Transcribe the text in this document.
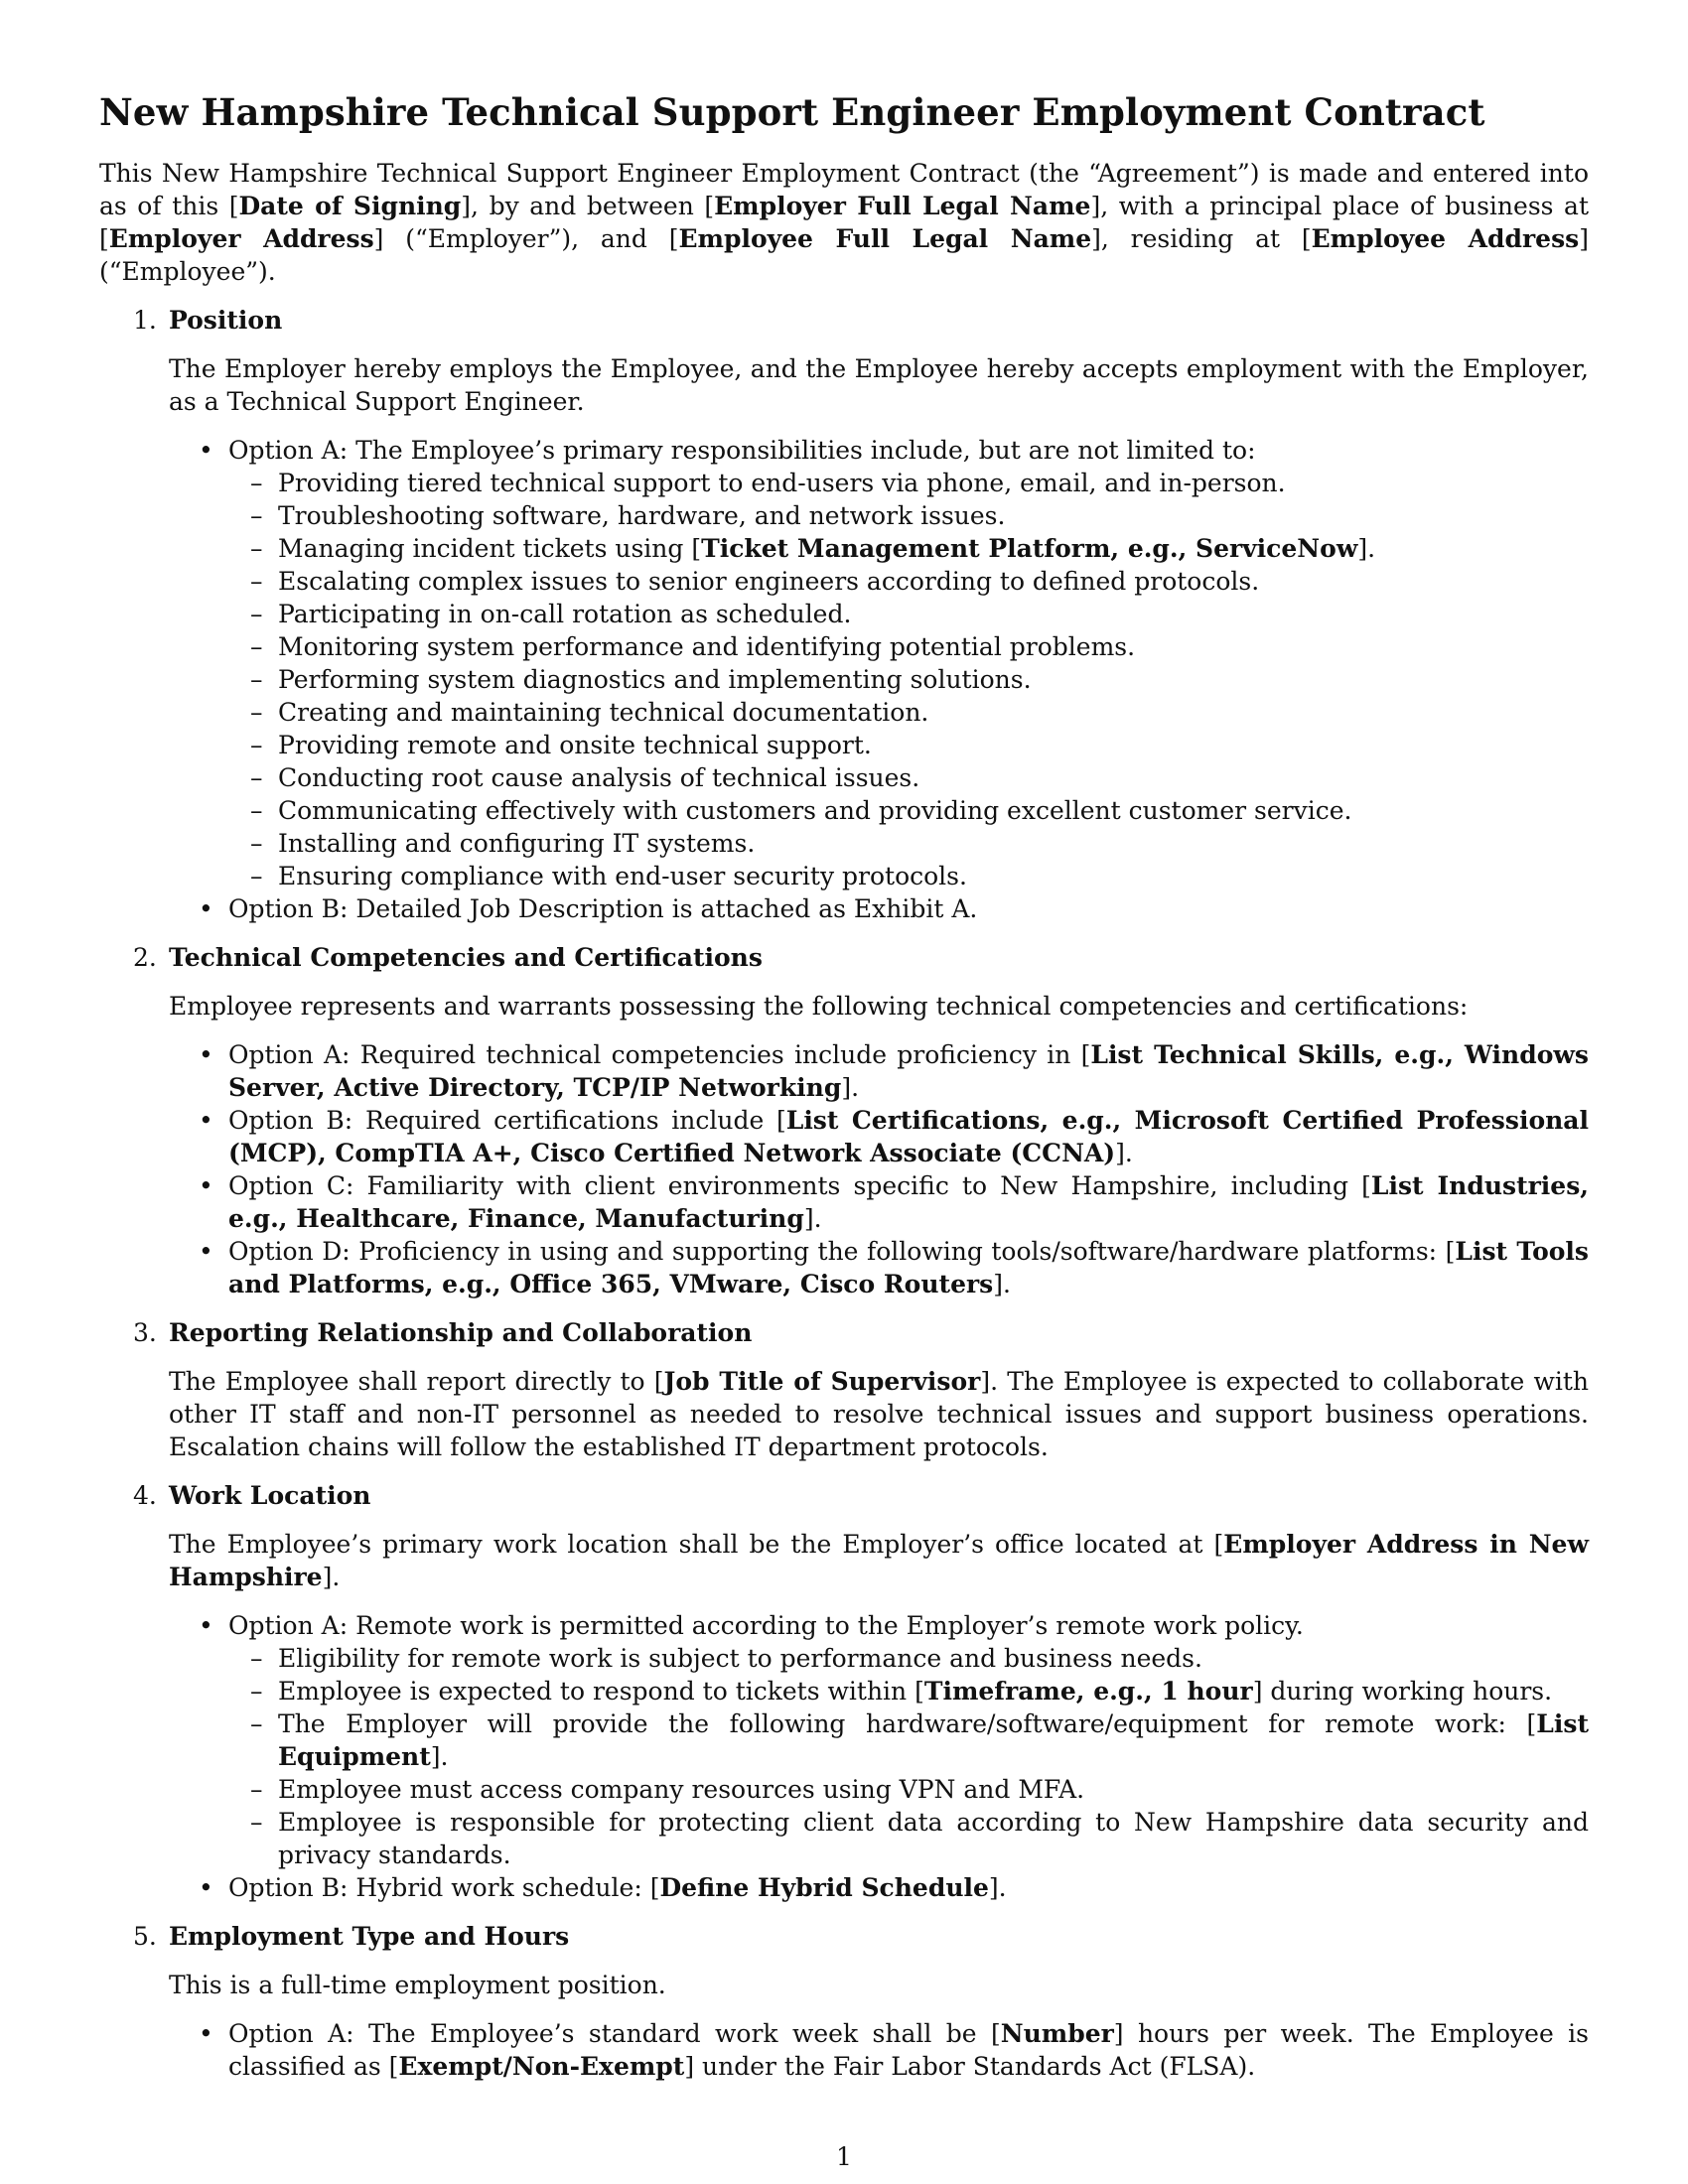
New Hampshire Technical Support Engineer Employment Contract

This New Hampshire Technical Support Engineer Employment Contract (the “Agreement”) is made and entered into as of this [Date of Signing], by and between [Employer Full Legal Name], with a principal place of business at [Employer Address] (“Employer”), and [Employee Full Legal Name], residing at [Employee Address] (“Employee”).

1. Position

The Employer hereby employs the Employee, and the Employee hereby accepts employment with the Employer, as a Technical Support Engineer.

• Option A: The Employee’s primary responsibilities include, but are not limited to:
– Providing tiered technical support to end-users via phone, email, and in-person.
– Troubleshooting software, hardware, and network issues.
– Managing incident tickets using [Ticket Management Platform, e.g., ServiceNow].
– Escalating complex issues to senior engineers according to defined protocols.
– Participating in on-call rotation as scheduled.
– Monitoring system performance and identifying potential problems.
– Performing system diagnostics and implementing solutions.
– Creating and maintaining technical documentation.
– Providing remote and onsite technical support.
– Conducting root cause analysis of technical issues.
– Communicating effectively with customers and providing excellent customer service.
– Installing and configuring IT systems.
– Ensuring compliance with end-user security protocols.
• Option B: Detailed Job Description is attached as Exhibit A.
2. Technical Competencies and Certifications

Employee represents and warrants possessing the following technical competencies and certifications:

• Option A: Required technical competencies include proficiency in [List Technical Skills, e.g., Windows Server, Active Directory, TCP/IP Networking].
• Option B: Required certifications include [List Certifications, e.g., Microsoft Certified Professional (MCP), CompTIA A+, Cisco Certified Network Associate (CCNA)].
• Option C: Familiarity with client environments specific to New Hampshire, including [List Industries, e.g., Healthcare, Finance, Manufacturing].
• Option D: Proficiency in using and supporting the following tools/software/hardware platforms: [List Tools and Platforms, e.g., Office 365, VMware, Cisco Routers].
3. Reporting Relationship and Collaboration

The Employee shall report directly to [Job Title of Supervisor]. The Employee is expected to collaborate with other IT staff and non-IT personnel as needed to resolve technical issues and support business operations. Escalation chains will follow the established IT department protocols.

4. Work Location

The Employee’s primary work location shall be the Employer’s office located at [Employer Address in New Hampshire].

• Option A: Remote work is permitted according to the Employer’s remote work policy.
– Eligibility for remote work is subject to performance and business needs.
– Employee is expected to respond to tickets within [Timeframe, e.g., 1 hour] during working hours.
– The Employer will provide the following hardware/software/equipment for remote work: [List Equipment].
– Employee must access company resources using VPN and MFA.
– Employee is responsible for protecting client data according to New Hampshire data security and privacy standards.
• Option B: Hybrid work schedule: [Define Hybrid Schedule].
5. Employment Type and Hours

This is a full-time employment position.

• Option A: The Employee’s standard work week shall be [Number] hours per week. The Employee is classified as [Exempt/Non-Exempt] under the Fair Labor Standards Act (FLSA).
1
